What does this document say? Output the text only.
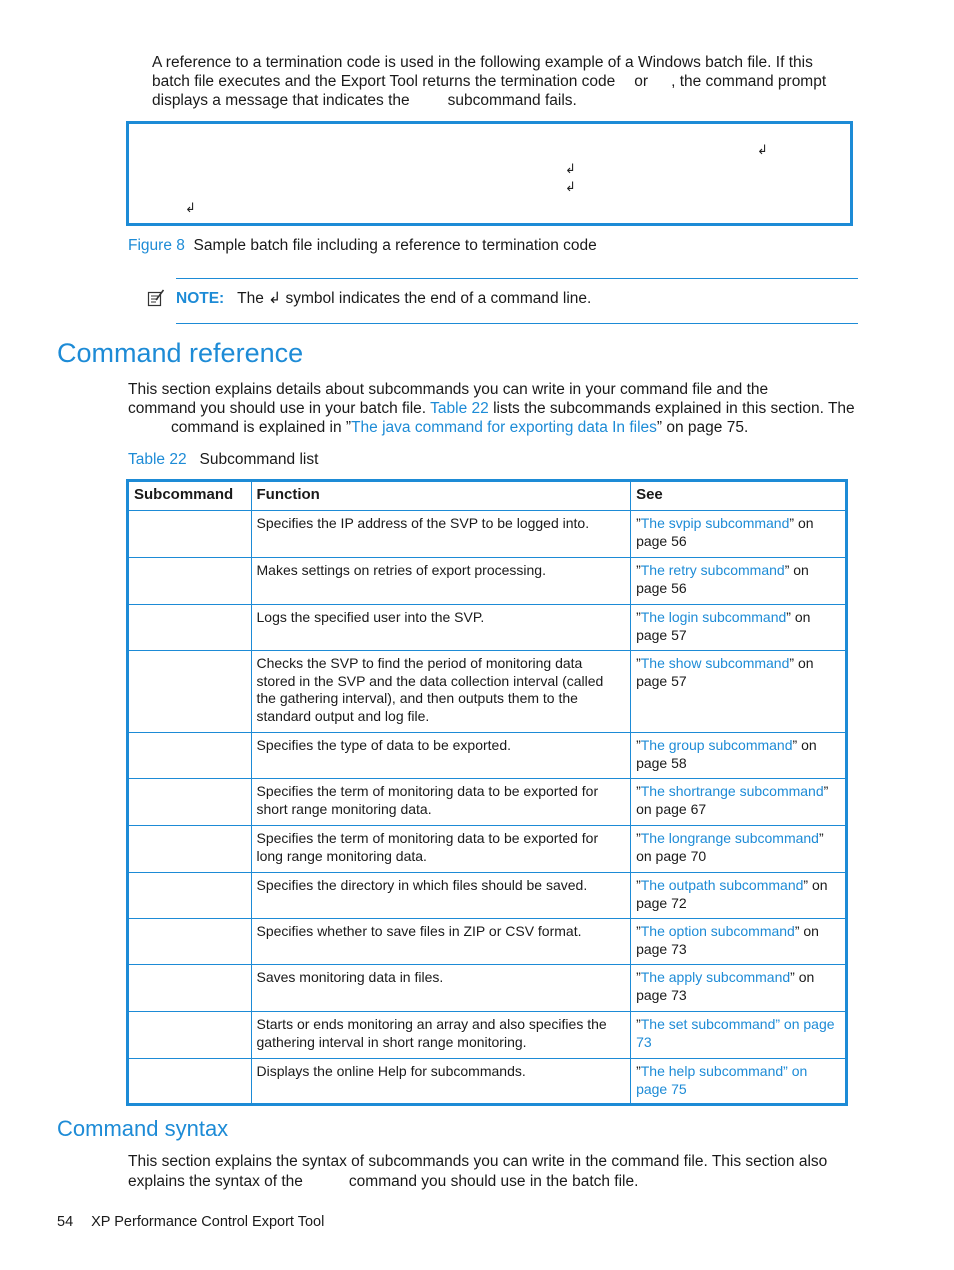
A reference to a termination code is used in the following example of a Windows batch file. If this
batch file executes and the Export Tool returns the termination code or , the command prompt
displays a message that indicates the subcommand fails.
↲
↲
↲
↲
Figure 8 Sample batch file including a reference to termination code
NOTE: The ↲ symbol indicates the end of a command line.
Command reference
This section explains details about subcommands you can write in your command file and the
command you should use in your batch file. Table 22 lists the subcommands explained in this section. The
command is explained in ”The java command for exporting data In files” on page 75.
Table 22 Subcommand list
Subcommand	Function	See
	Specifies the IP address of the SVP to be logged into.	”The svpip subcommand” on page 56
	Makes settings on retries of export processing.	”The retry subcommand” on page 56
	Logs the specified user into the SVP.	”The login subcommand” on page 57
	Checks the SVP to find the period of monitoring data stored in the SVP and the data collection interval (called the gathering interval), and then outputs them to the standard output and log file.	”The show subcommand” on page 57
	Specifies the type of data to be exported.	”The group subcommand” on page 58
	Specifies the term of monitoring data to be exported for short range monitoring data.	”The shortrange subcommand” on page 67
	Specifies the term of monitoring data to be exported for long range monitoring data.	”The longrange subcommand” on page 70
	Specifies the directory in which files should be saved.	”The outpath subcommand” on page 72
	Specifies whether to save files in ZIP or CSV format.	”The option subcommand” on page 73
	Saves monitoring data in files.	”The apply subcommand” on page 73
	Starts or ends monitoring an array and also specifies the gathering interval in short range monitoring.	”The set subcommand” on page 73
	Displays the online Help for subcommands.	”The help subcommand” on page 75
Command syntax
This section explains the syntax of subcommands you can write in the command file. This section also
explains the syntax of the	command you should use in the batch file.
54 XP Performance Control Export Tool
